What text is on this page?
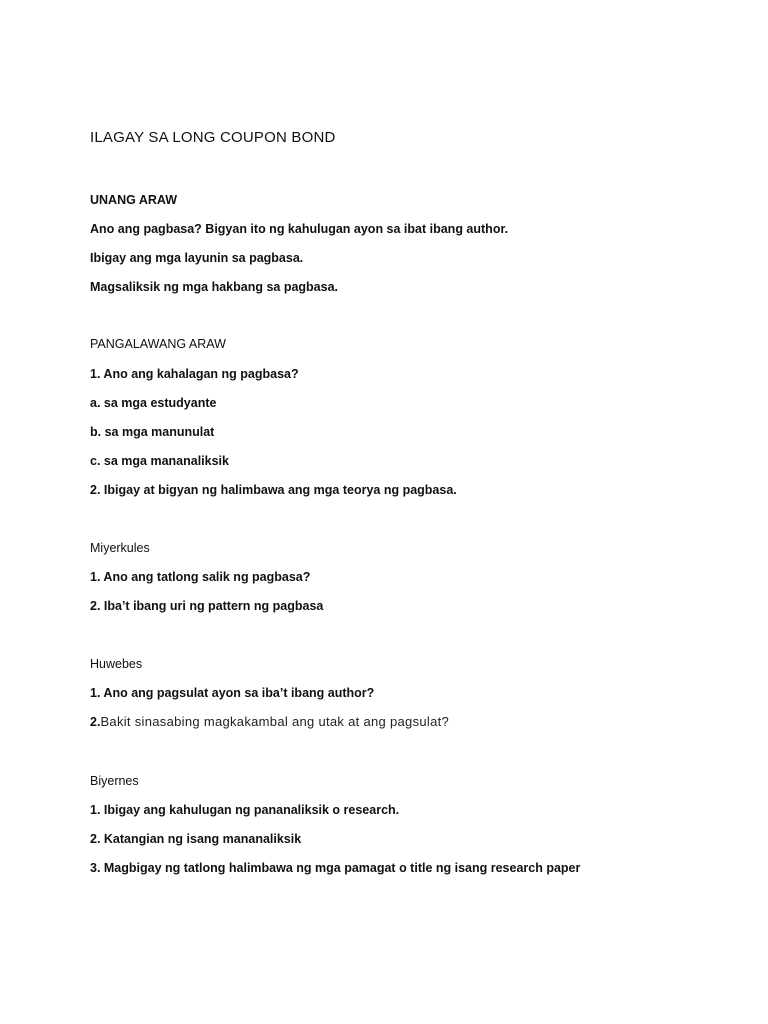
ILAGAY SA LONG COUPON BOND
UNANG ARAW
Ano ang pagbasa? Bigyan ito ng kahulugan ayon sa ibat ibang author.
Ibigay ang mga layunin sa pagbasa.
Magsaliksik ng mga hakbang sa pagbasa.
PANGALAWANG ARAW
1. Ano ang kahalagan ng pagbasa?
a. sa mga estudyante
b. sa mga manunulat
c. sa mga mananaliksik
2. Ibigay at bigyan ng halimbawa ang mga teorya ng pagbasa.
Miyerkules
1. Ano ang tatlong salik ng pagbasa?
2. Iba’t ibang uri ng pattern ng pagbasa
Huwebes
1. Ano ang pagsulat ayon sa iba’t ibang author?
2.Bakit sinasabing magkakambal ang utak at ang pagsulat?
Biyernes
1. Ibigay ang kahulugan ng pananaliksik o research.
2. Katangian ng isang mananaliksik
3. Magbigay ng tatlong halimbawa ng mga pamagat o title ng isang research paper
